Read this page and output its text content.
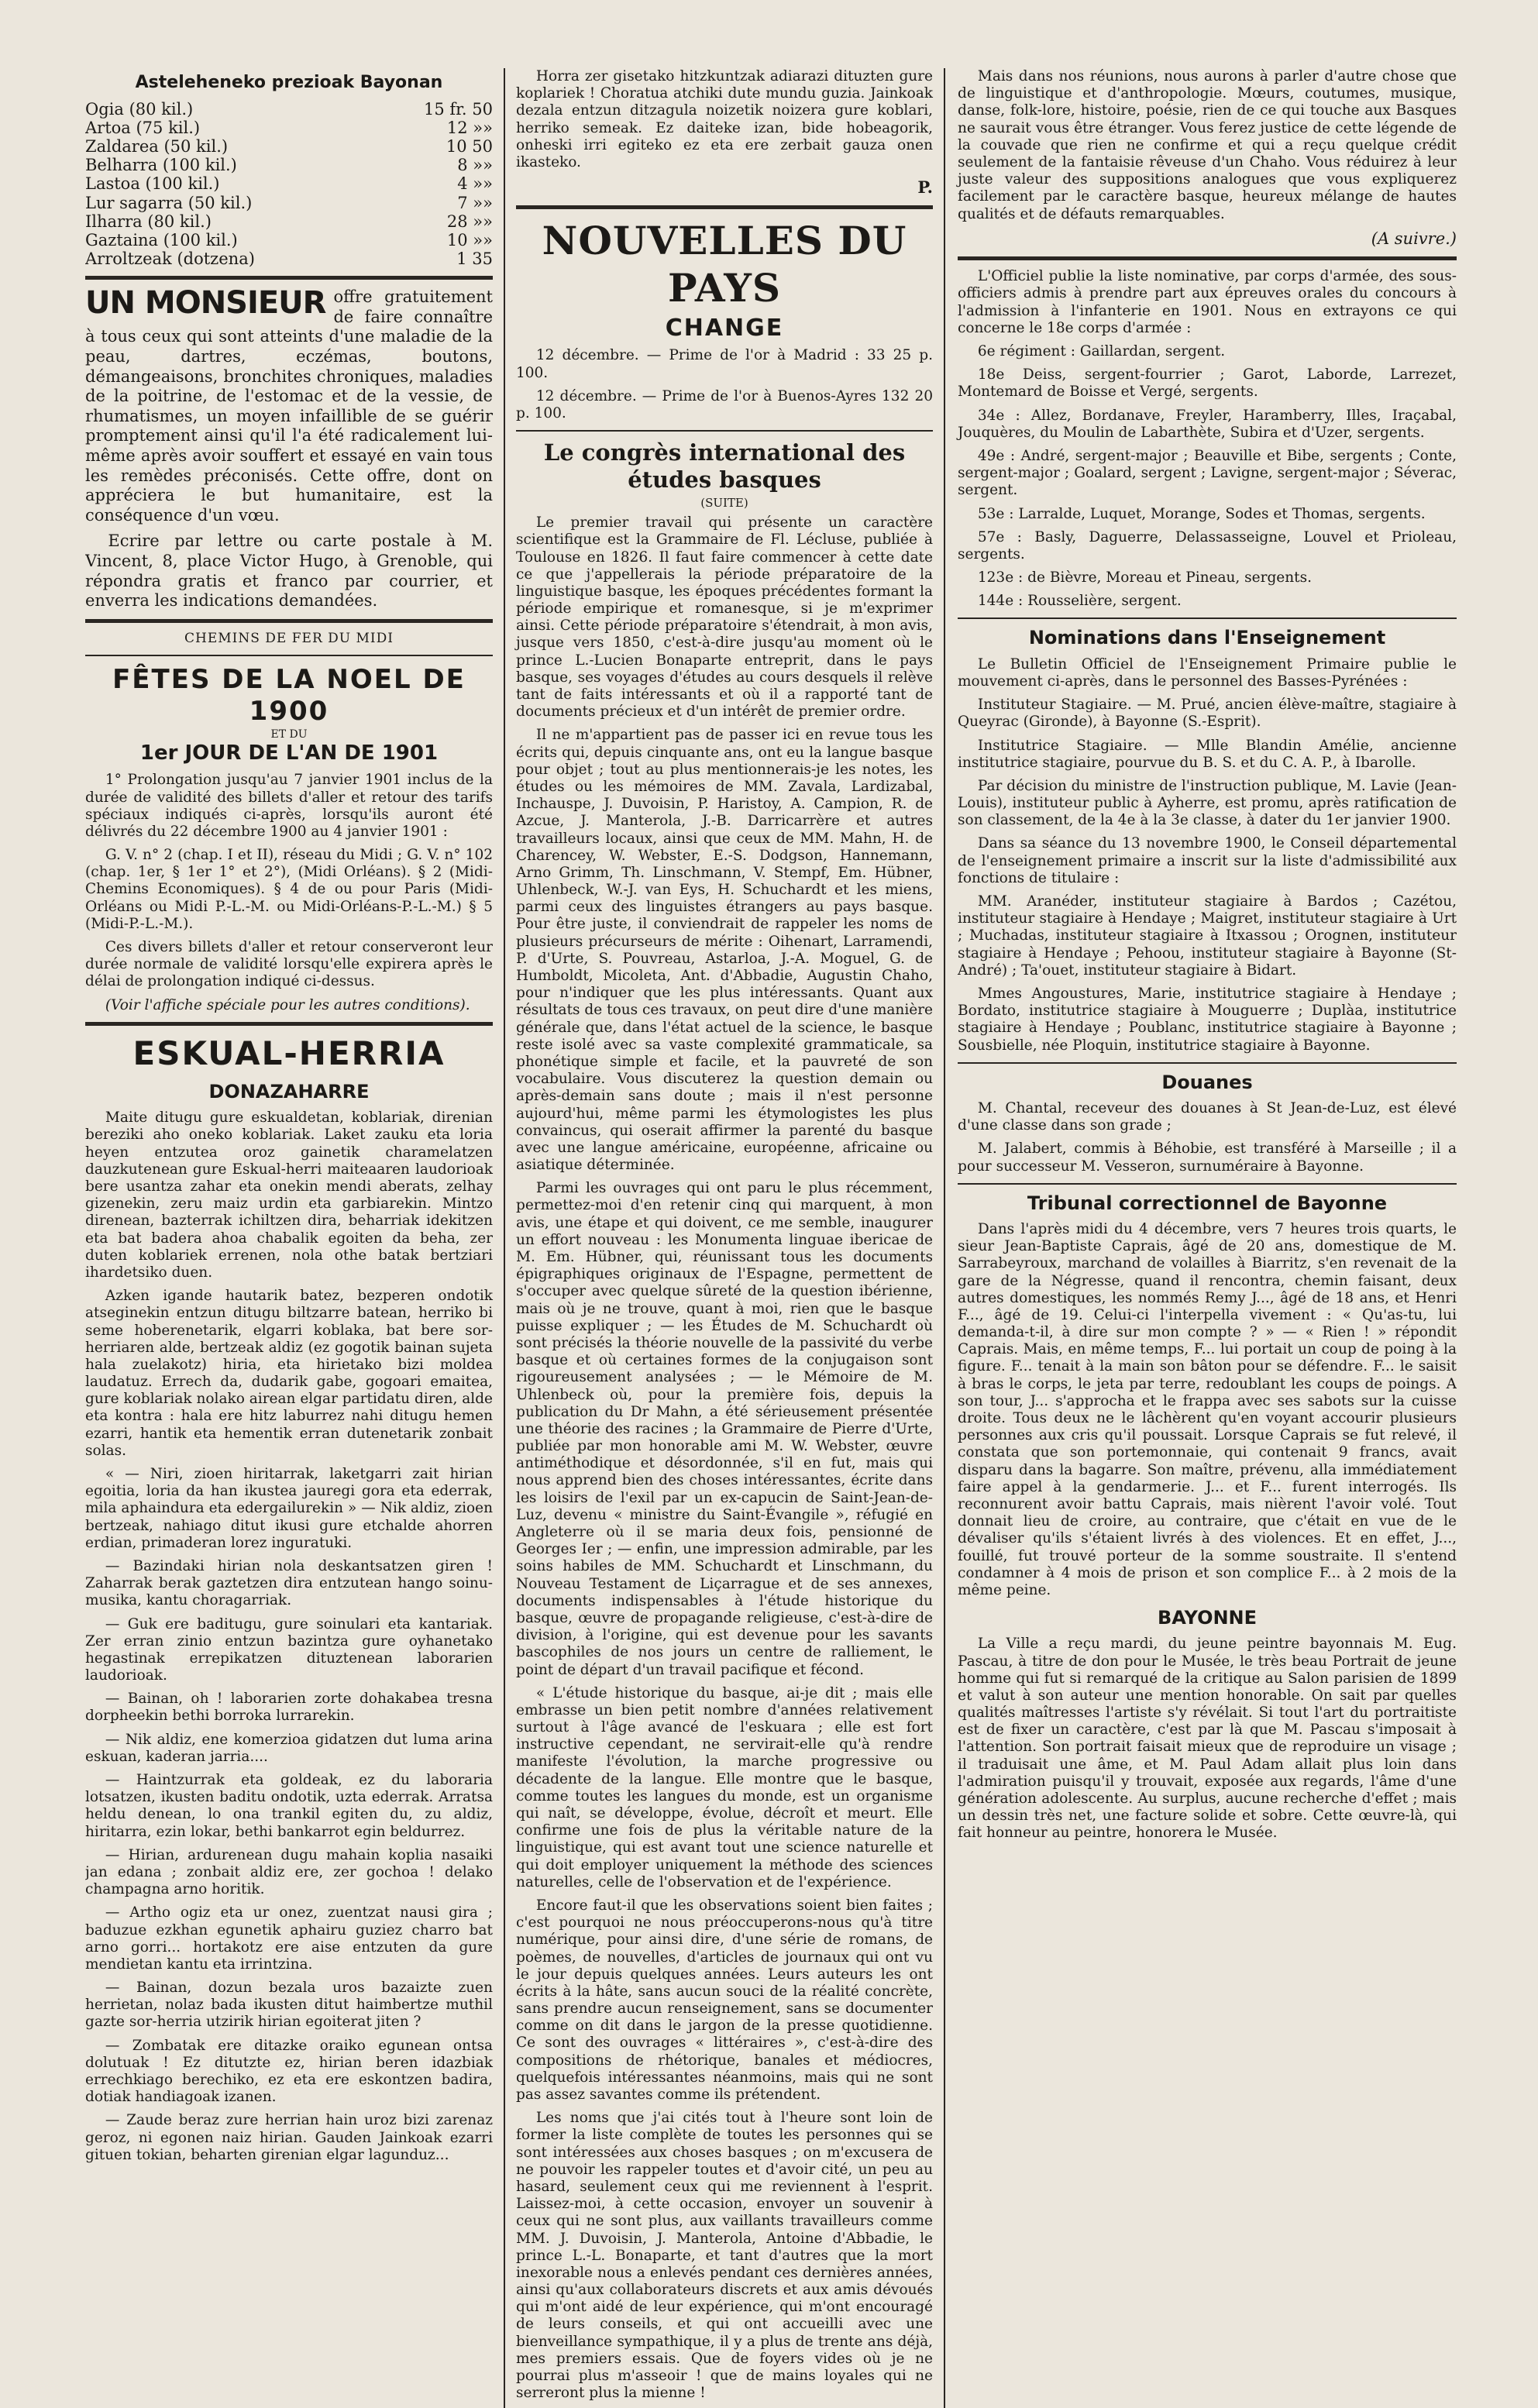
Asteleheneko prezioak Bayonan
Ogia (80 kil.)	15 fr. 50
Artoa (75 kil.)	12 »»
Zaldarea (50 kil.)	10 50
Belharra (100 kil.)	8 »»
Lastoa (100 kil.)	4 »»
Lur sagarra (50 kil.)	7 »»
Ilharra (80 kil.)	28 »»
Gaztaina (100 kil.)	10 »»
Arroltzeak (dotzena)	1 35

UN MONSIEUR offre gratuitement de faire connaître à tous ceux qui sont atteints d'une maladie de la peau, dartres, eczémas, boutons, démangeaisons, bronchites chroniques, maladies de la poitrine, de l'estomac et de la vessie, de rhumatismes, un moyen infaillible de se guérir promptement ainsi qu'il l'a été radicalement lui-même après avoir souffert et essayé en vain tous les remèdes préconisés. Cette offre, dont on appréciera le but humanitaire, est la conséquence d'un vœu.

Ecrire par lettre ou carte postale à M. Vincent, 8, place Victor Hugo, à Grenoble, qui répondra gratis et franco par courrier, et enverra les indications demandées.

CHEMINS DE FER DU MIDI
FÊTES DE LA NOEL DE 1900
ET DU
1er JOUR DE L'AN DE 1901

1° Prolongation jusqu'au 7 janvier 1901 inclus de la durée de validité des billets d'aller et retour des tarifs spéciaux indiqués ci-après, lorsqu'ils auront été délivrés du 22 décembre 1900 au 4 janvier 1901 :

G. V. n° 2 (chap. I et II), réseau du Midi ; G. V. n° 102 (chap. 1er, § 1er 1° et 2°), (Midi Orléans). § 2 (Midi-Chemins Economiques). § 4 de ou pour Paris (Midi-Orléans ou Midi P.-L.-M. ou Midi-Orléans-P.-L.-M.) § 5 (Midi-P.-L.-M.).

Ces divers billets d'aller et retour conserveront leur durée normale de validité lorsqu'elle expirera après le délai de prolongation indiqué ci-dessus.

(Voir l'affiche spéciale pour les autres conditions).

ESKUAL-HERRIA
DONAZAHARRE

Maite ditugu gure eskualdetan, koblariak, direnian bereziki aho oneko koblariak. Laket zauku eta loria heyen entzutea oroz gainetik charamelatzen dauzkutenean gure Eskual-herri maiteaaren laudorioak bere usantza zahar eta onekin mendi aberats, zelhay gizenekin, zeru maiz urdin eta garbiarekin. Mintzo direnean, bazterrak ichiltzen dira, beharriak idekitzen eta bat badera ahoa chabalik egoiten da beha, zer duten koblariek errenen, nola othe batak bertziari ihardetsiko duen.

Azken igande hautarik batez, bezperen ondotik atseginekin entzun ditugu biltzarre batean, herriko bi seme hoberenetarik, elgarri koblaka, bat bere sor-herriaren alde, bertzeak aldiz (ez gogotik bainan sujeta hala zuelakotz) hiria, eta hirietako bizi moldea laudatuz. Errech da, dudarik gabe, gogoari emaitea, gure koblariak nolako airean elgar partidatu diren, alde eta kontra : hala ere hitz laburrez nahi ditugu hemen ezarri, hantik eta hementik erran dutenetarik zonbait solas.

« — Niri, zioen hiritarrak, laketgarri zait hirian egoitia, loria da han ikustea jauregi gora eta ederrak, mila aphaindura eta edergailurekin » — Nik aldiz, zioen bertzeak, nahiago ditut ikusi gure etchalde ahorren erdian, primaderan lorez inguratuki.

— Bazindaki hirian nola deskantsatzen giren ! Zaharrak berak gaztetzen dira entzutean hango soinu-musika, kantu choragarriak.

— Guk ere baditugu, gure soinulari eta kantariak. Zer erran zinio entzun bazintza gure oyhanetako hegastinak errepikatzen dituztenean laborarien laudorioak.

— Bainan, oh ! laborarien zorte dohakabea tresna dorpheekin bethi borroka lurrarekin.

— Nik aldiz, ene komerzioa gidatzen dut luma arina eskuan, kaderan jarria....

— Haintzurrak eta goldeak, ez du laboraria lotsatzen, ikusten baditu ondotik, uzta ederrak. Arratsa heldu denean, lo ona trankil egiten du, zu aldiz, hiritarra, ezin lokar, bethi bankarrot egin beldurrez.

— Hirian, ardurenean dugu mahain koplia nasaiki jan edana ; zonbait aldiz ere, zer gochoa ! delako champagna arno horitik.

— Artho ogiz eta ur onez, zuentzat nausi gira ; baduzue ezkhan egunetik aphairu guziez charro bat arno gorri... hortakotz ere aise entzuten da gure mendietan kantu eta irrintzina.

— Bainan, dozun bezala uros bazaizte zuen herrietan, nolaz bada ikusten ditut haimbertze muthil gazte sor-herria utzirik hirian egoiterat jiten ?

— Zombatak ere ditazke oraiko egunean ontsa dolutuak ! Ez ditutzte ez, hirian beren idazbiak errechkiago berechiko, ez eta ere eskontzen badira, dotiak handiagoak izanen.

— Zaude beraz zure herrian hain uroz bizi zarenaz geroz, ni egonen naiz hirian. Gauden Jainkoak ezarri gituen tokian, beharten girenian elgar lagunduz...

Horra zer gisetako hitzkuntzak adiarazi dituzten gure koplariek ! Choratua atchiki dute mundu guzia. Jainkoak dezala entzun ditzagula noizetik noizera gure koblari, herriko semeak. Ez daiteke izan, bide hobeagorik, onheski irri egiteko ez eta ere zerbait gauza onen ikasteko.

P.
NOUVELLES DU PAYS
CHANGE

12 décembre. — Prime de l'or à Madrid : 33 25 p. 100.

12 décembre. — Prime de l'or à Buenos-Ayres 132 20 p. 100.

Le congrès international des études basques
(SUITE)

Le premier travail qui présente un caractère scientifique est la Grammaire de Fl. Lécluse, publiée à Toulouse en 1826. Il faut faire commencer à cette date ce que j'appellerais la période préparatoire de la linguistique basque, les époques précédentes formant la période empirique et romanesque, si je m'exprimer ainsi. Cette période préparatoire s'étendrait, à mon avis, jusque vers 1850, c'est-à-dire jusqu'au moment où le prince L.-Lucien Bonaparte entreprit, dans le pays basque, ses voyages d'études au cours desquels il relève tant de faits intéressants et où il a rapporté tant de documents précieux et d'un intérêt de premier ordre.

Il ne m'appartient pas de passer ici en revue tous les écrits qui, depuis cinquante ans, ont eu la langue basque pour objet ; tout au plus mentionnerais-je les notes, les études ou les mémoires de MM. Zavala, Lardizabal, Inchauspe, J. Duvoisin, P. Haristoy, A. Campion, R. de Azcue, J. Manterola, J.-B. Darricarrère et autres travailleurs locaux, ainsi que ceux de MM. Mahn, H. de Charencey, W. Webster, E.-S. Dodgson, Hannemann, Arno Grimm, Th. Linschmann, V. Stempf, Em. Hübner, Uhlenbeck, W.-J. van Eys, H. Schuchardt et les miens, parmi ceux des linguistes étrangers au pays basque. Pour être juste, il conviendrait de rappeler les noms de plusieurs précurseurs de mérite : Oihenart, Larramendi, P. d'Urte, S. Pouvreau, Astarloa, J.-A. Moguel, G. de Humboldt, Micoleta, Ant. d'Abbadie, Augustin Chaho, pour n'indiquer que les plus intéressants. Quant aux résultats de tous ces travaux, on peut dire d'une manière générale que, dans l'état actuel de la science, le basque reste isolé avec sa vaste complexité grammaticale, sa phonétique simple et facile, et la pauvreté de son vocabulaire. Vous discuterez la question demain ou après-demain sans doute ; mais il n'est personne aujourd'hui, même parmi les étymologistes les plus convaincus, qui oserait affirmer la parenté du basque avec une langue américaine, européenne, africaine ou asiatique déterminée.

Parmi les ouvrages qui ont paru le plus récemment, permettez-moi d'en retenir cinq qui marquent, à mon avis, une étape et qui doivent, ce me semble, inaugurer un effort nouveau : les Monumenta linguae ibericae de M. Em. Hübner, qui, réunissant tous les documents épigraphiques originaux de l'Espagne, permettent de s'occuper avec quelque sûreté de la question ibérienne, mais où je ne trouve, quant à moi, rien que le basque puisse expliquer ; — les Études de M. Schuchardt où sont précisés la théorie nouvelle de la passivité du verbe basque et où certaines formes de la conjugaison sont rigoureusement analysées ; — le Mémoire de M. Uhlenbeck où, pour la première fois, depuis la publication du Dr Mahn, a été sérieusement présentée une théorie des racines ; la Grammaire de Pierre d'Urte, publiée par mon honorable ami M. W. Webster, œuvre antiméthodique et désordonnée, s'il en fut, mais qui nous apprend bien des choses intéressantes, écrite dans les loisirs de l'exil par un ex-capucin de Saint-Jean-de-Luz, devenu « ministre du Saint-Évangile », réfugié en Angleterre où il se maria deux fois, pensionné de Georges Ier ; — enfin, une impression admirable, par les soins habiles de MM. Schuchardt et Linschmann, du Nouveau Testament de Liçarrague et de ses annexes, documents indispensables à l'étude historique du basque, œuvre de propagande religieuse, c'est-à-dire de division, à l'origine, qui est devenue pour les savants bascophiles de nos jours un centre de ralliement, le point de départ d'un travail pacifique et fécond.

« L'étude historique du basque, ai-je dit ; mais elle embrasse un bien petit nombre d'années relativement surtout à l'âge avancé de l'eskuara ; elle est fort instructive cependant, ne servirait-elle qu'à rendre manifeste l'évolution, la marche progressive ou décadente de la langue. Elle montre que le basque, comme toutes les langues du monde, est un organisme qui naît, se développe, évolue, décroît et meurt. Elle confirme une fois de plus la véritable nature de la linguistique, qui est avant tout une science naturelle et qui doit employer uniquement la méthode des sciences naturelles, celle de l'observation et de l'expérience.

Encore faut-il que les observations soient bien faites ; c'est pourquoi ne nous préoccuperons-nous qu'à titre numérique, pour ainsi dire, d'une série de romans, de poèmes, de nouvelles, d'articles de journaux qui ont vu le jour depuis quelques années. Leurs auteurs les ont écrits à la hâte, sans aucun souci de la réalité concrète, sans prendre aucun renseignement, sans se documenter comme on dit dans le jargon de la presse quotidienne. Ce sont des ouvrages « littéraires », c'est-à-dire des compositions de rhétorique, banales et médiocres, quelquefois intéressantes néanmoins, mais qui ne sont pas assez savantes comme ils prétendent.

Les noms que j'ai cités tout à l'heure sont loin de former la liste complète de toutes les personnes qui se sont intéressées aux choses basques ; on m'excusera de ne pouvoir les rappeler toutes et d'avoir cité, un peu au hasard, seulement ceux qui me reviennent à l'esprit. Laissez-moi, à cette occasion, envoyer un souvenir à ceux qui ne sont plus, aux vaillants travailleurs comme MM. J. Duvoisin, J. Manterola, Antoine d'Abbadie, le prince L.-L. Bonaparte, et tant d'autres que la mort inexorable nous a enlevés pendant ces dernières années, ainsi qu'aux collaborateurs discrets et aux amis dévoués qui m'ont aidé de leur expérience, qui m'ont encouragé de leurs conseils, et qui ont accueilli avec une bienveillance sympathique, il y a plus de trente ans déjà, mes premiers essais. Que de foyers vides où je ne pourrai plus m'asseoir ! que de mains loyales qui ne serreront plus la mienne !

Mais dans nos réunions, nous aurons à parler d'autre chose que de linguistique et d'anthropologie. Mœurs, coutumes, musique, danse, folk-lore, histoire, poésie, rien de ce qui touche aux Basques ne saurait vous être étranger. Vous ferez justice de cette légende de la couvade que rien ne confirme et qui a reçu quelque crédit seulement de la fantaisie rêveuse d'un Chaho. Vous réduirez à leur juste valeur des suppositions analogues que vous expliquerez facilement par le caractère basque, heureux mélange de hautes qualités et de défauts remarquables.

(A suivre.)

L'Officiel publie la liste nominative, par corps d'armée, des sous-officiers admis à prendre part aux épreuves orales du concours à l'admission à l'infanterie en 1901. Nous en extrayons ce qui concerne le 18e corps d'armée :

6e régiment : Gaillardan, sergent.

18e Deiss, sergent-fourrier ; Garot, Laborde, Larrezet, Montemard de Boisse et Vergé, sergents.

34e : Allez, Bordanave, Freyler, Haramberry, Illes, Iraçabal, Jouquères, du Moulin de Labarthète, Subira et d'Uzer, sergents.

49e : André, sergent-major ; Beauville et Bibe, sergents ; Conte, sergent-major ; Goalard, sergent ; Lavigne, sergent-major ; Séverac, sergent.

53e : Larralde, Luquet, Morange, Sodes et Thomas, sergents.

57e : Basly, Daguerre, Delassasseigne, Louvel et Prioleau, sergents.

123e : de Bièvre, Moreau et Pineau, sergents.

144e : Rousselière, sergent.

Nominations dans l'Enseignement

Le Bulletin Officiel de l'Enseignement Primaire publie le mouvement ci-après, dans le personnel des Basses-Pyrénées :

Instituteur Stagiaire. — M. Prué, ancien élève-maître, stagiaire à Queyrac (Gironde), à Bayonne (S.-Esprit).

Institutrice Stagiaire. — Mlle Blandin Amélie, ancienne institutrice stagiaire, pourvue du B. S. et du C. A. P., à Ibarolle.

Par décision du ministre de l'instruction publique, M. Lavie (Jean-Louis), instituteur public à Ayherre, est promu, après ratification de son classement, de la 4e à la 3e classe, à dater du 1er janvier 1900.

Dans sa séance du 13 novembre 1900, le Conseil départemental de l'enseignement primaire a inscrit sur la liste d'admissibilité aux fonctions de titulaire :

MM. Aranéder, instituteur stagiaire à Bardos ; Cazétou, instituteur stagiaire à Hendaye ; Maigret, instituteur stagiaire à Urt ; Muchadas, instituteur stagiaire à Itxassou ; Orognen, instituteur stagiaire à Hendaye ; Pehoou, instituteur stagiaire à Bayonne (St-André) ; Ta'ouet, instituteur stagiaire à Bidart.

Mmes Angoustures, Marie, institutrice stagiaire à Hendaye ; Bordato, institutrice stagiaire à Mouguerre ; Duplàa, institutrice stagiaire à Hendaye ; Poublanc, institutrice stagiaire à Bayonne ; Sousbielle, née Ploquin, institutrice stagiaire à Bayonne.

Douanes

M. Chantal, receveur des douanes à St Jean-de-Luz, est élevé d'une classe dans son grade ;

M. Jalabert, commis à Béhobie, est transféré à Marseille ; il a pour successeur M. Vesseron, surnuméraire à Bayonne.

Tribunal correctionnel de Bayonne

Dans l'après midi du 4 décembre, vers 7 heures trois quarts, le sieur Jean-Baptiste Caprais, âgé de 20 ans, domestique de M. Sarrabeyroux, marchand de volailles à Biarritz, s'en revenait de la gare de la Négresse, quand il rencontra, chemin faisant, deux autres domestiques, les nommés Remy J..., âgé de 18 ans, et Henri F..., âgé de 19. Celui-ci l'interpella vivement : « Qu'as-tu, lui demanda-t-il, à dire sur mon compte ? » — « Rien ! » répondit Caprais. Mais, en même temps, F... lui portait un coup de poing à la figure. F... tenait à la main son bâton pour se défendre. F... le saisit à bras le corps, le jeta par terre, redoublant les coups de poings. A son tour, J... s'approcha et le frappa avec ses sabots sur la cuisse droite. Tous deux ne le lâchèrent qu'en voyant accourir plusieurs personnes aux cris qu'il poussait. Lorsque Caprais se fut relevé, il constata que son portemonnaie, qui contenait 9 francs, avait disparu dans la bagarre. Son maître, prévenu, alla immédiatement faire appel à la gendarmerie. J... et F... furent interrogés. Ils reconnurent avoir battu Caprais, mais nièrent l'avoir volé. Tout donnait lieu de croire, au contraire, que c'était en vue de le dévaliser qu'ils s'étaient livrés à des violences. Et en effet, J..., fouillé, fut trouvé porteur de la somme soustraite. Il s'entend condamner à 4 mois de prison et son complice F... à 2 mois de la même peine.

BAYONNE

La Ville a reçu mardi, du jeune peintre bayonnais M. Eug. Pascau, à titre de don pour le Musée, le très beau Portrait de jeune homme qui fut si remarqué de la critique au Salon parisien de 1899 et valut à son auteur une mention honorable. On sait par quelles qualités maîtresses l'artiste s'y révélait. Si tout l'art du portraitiste est de fixer un caractère, c'est par là que M. Pascau s'imposait à l'attention. Son portrait faisait mieux que de reproduire un visage ; il traduisait une âme, et M. Paul Adam allait plus loin dans l'admiration puisqu'il y trouvait, exposée aux regards, l'âme d'une génération adolescente. Au surplus, aucune recherche d'effet ; mais un dessin très net, une facture solide et sobre. Cette œuvre-là, qui fait honneur au peintre, honorera le Musée.
